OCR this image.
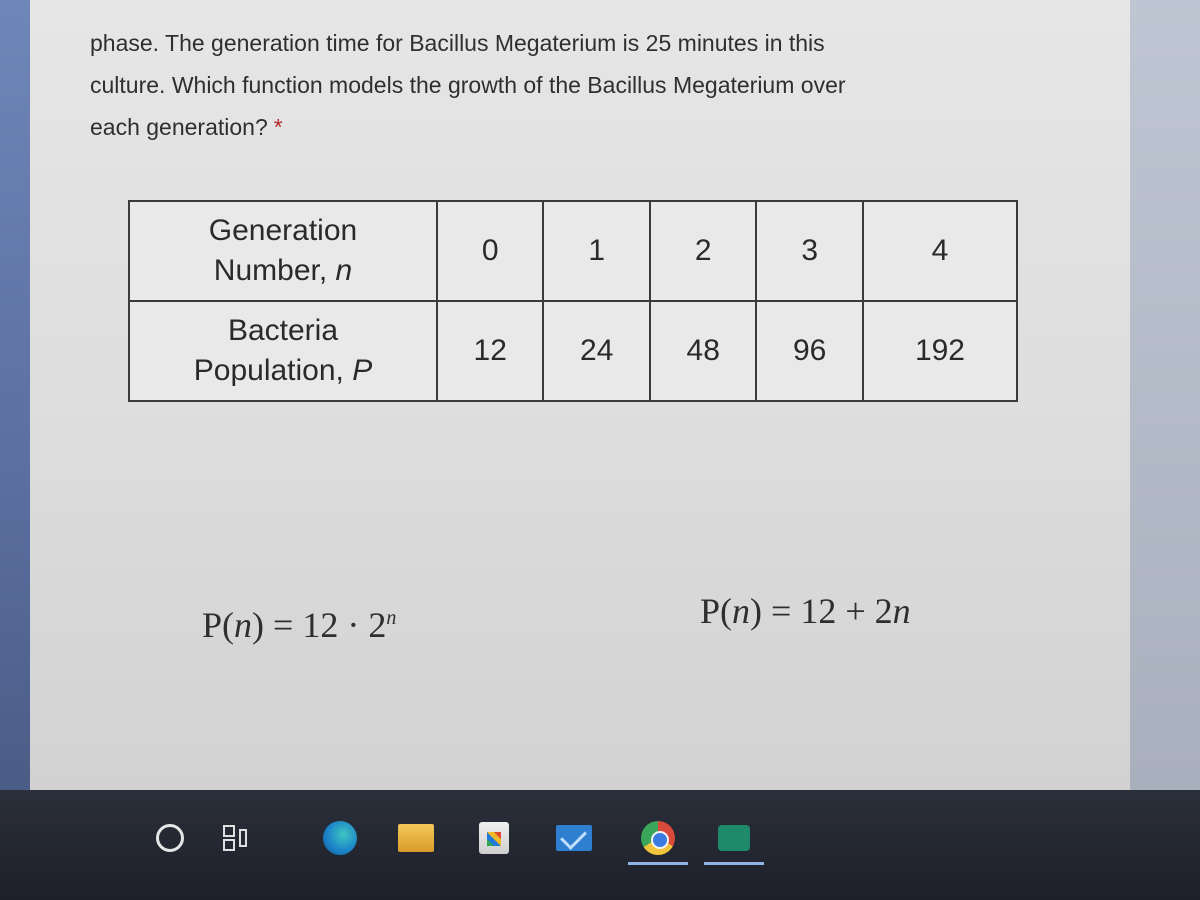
phase. The generation time for Bacillus Megaterium is 25 minutes in this
culture. Which function models the growth of the Bacillus Megaterium over
each generation? *
Generation
Number, n	0	1	2	3	4

Bacteria
Population, P	12	24	48	96	192
$P(n) = 12 \cdot 2^n$	P(n) = 12 + 2n
